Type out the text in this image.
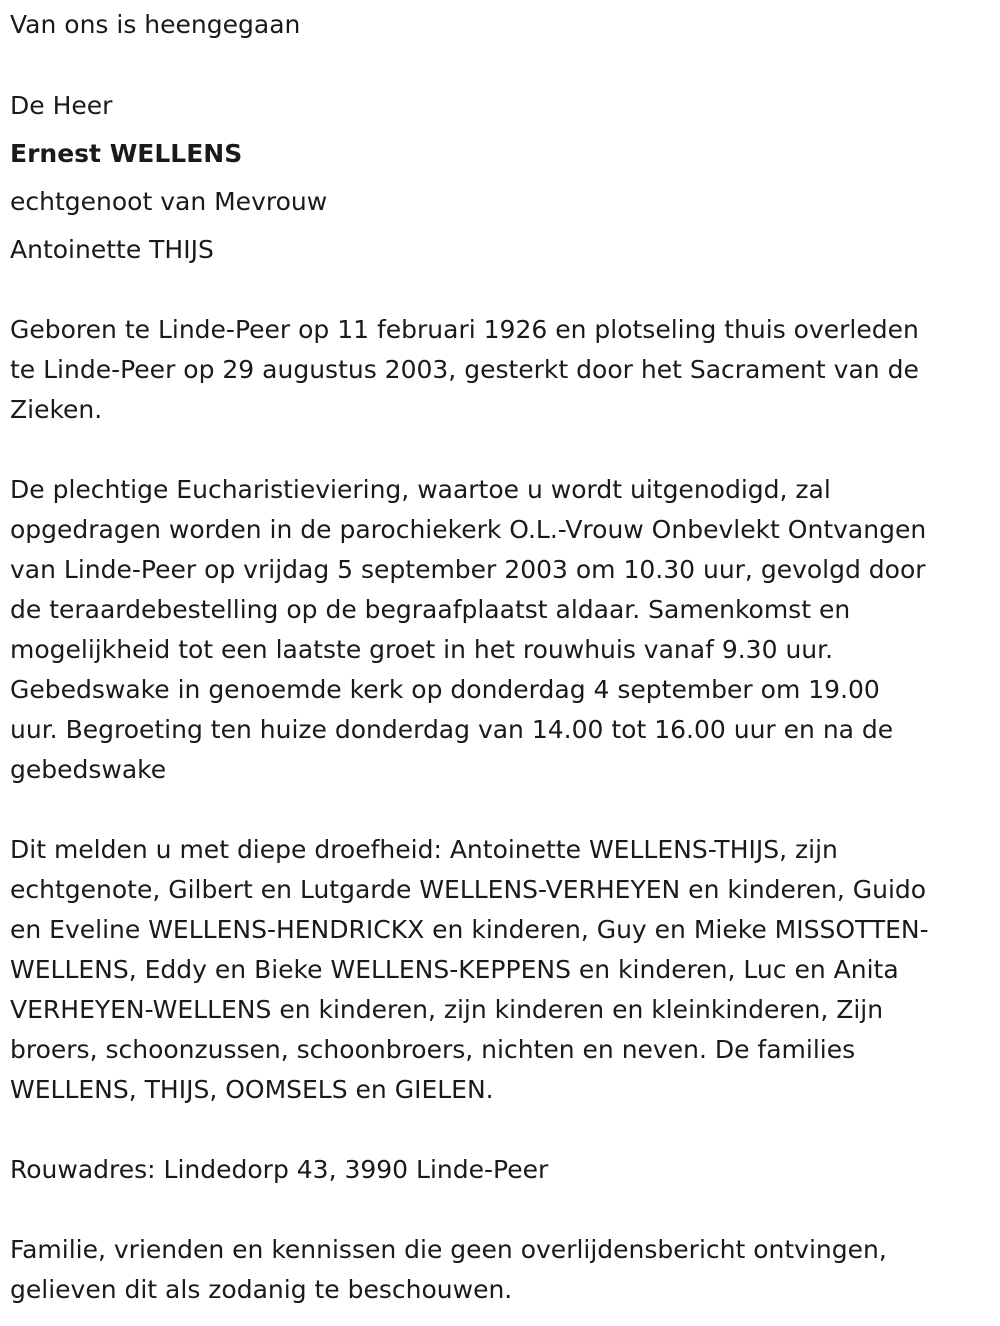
Van ons is heengegaan
De Heer
Ernest WELLENS
echtgenoot van Mevrouw
Antoinette THIJS
Geboren te Linde-Peer op 11 februari 1926 en plotseling thuis overleden
te Linde-Peer op 29 augustus 2003, gesterkt door het Sacrament van de
Zieken.
De plechtige Eucharistieviering, waartoe u wordt uitgenodigd, zal
opgedragen worden in de parochiekerk O.L.-Vrouw Onbevlekt Ontvangen
van Linde-Peer op vrijdag 5 september 2003 om 10.30 uur, gevolgd door
de teraardebestelling op de begraafplaatst aldaar. Samenkomst en
mogelijkheid tot een laatste groet in het rouwhuis vanaf 9.30 uur.
Gebedswake in genoemde kerk op donderdag 4 september om 19.00
uur. Begroeting ten huize donderdag van 14.00 tot 16.00 uur en na de
gebedswake
Dit melden u met diepe droefheid: Antoinette WELLENS-THIJS, zijn
echtgenote, Gilbert en Lutgarde WELLENS-VERHEYEN en kinderen, Guido
en Eveline WELLENS-HENDRICKX en kinderen, Guy en Mieke MISSOTTEN-
WELLENS, Eddy en Bieke WELLENS-KEPPENS en kinderen, Luc en Anita
VERHEYEN-WELLENS en kinderen, zijn kinderen en kleinkinderen, Zijn
broers, schoonzussen, schoonbroers, nichten en neven. De families
WELLENS, THIJS, OOMSELS en GIELEN.
Rouwadres: Lindedorp 43, 3990 Linde-Peer
Familie, vrienden en kennissen die geen overlijdensbericht ontvingen,
gelieven dit als zodanig te beschouwen.
